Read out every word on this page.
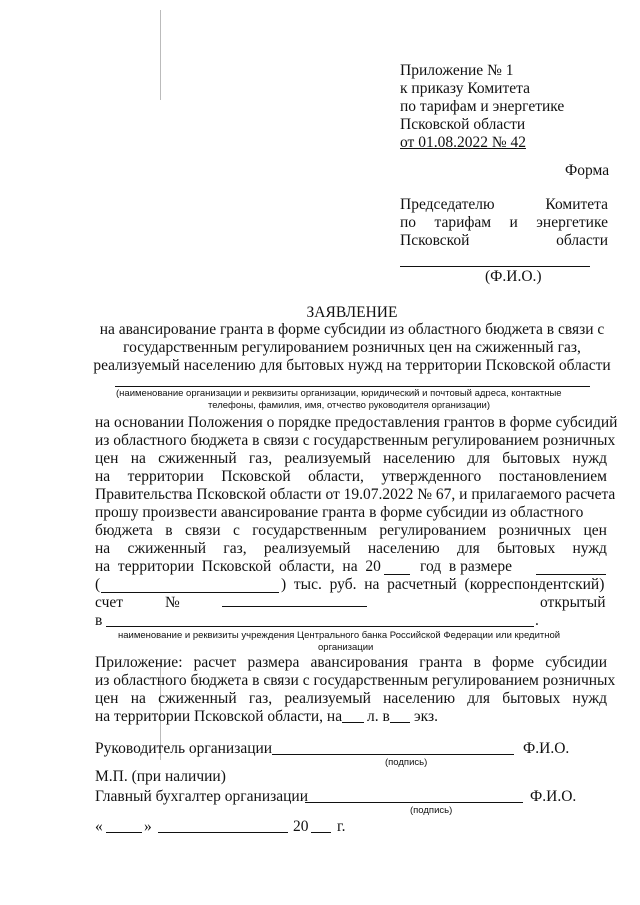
Приложение № 1
к приказу Комитета
по тарифам и энергетике
Псковской области
от 01.08.2022 № 42
Форма
Председателю	Комитета
по тарифам и энергетике
Псковской	области
(Ф.И.О.)
ЗАЯВЛЕНИЕ
на авансирование гранта в форме субсидии из областного бюджета в связи с
государственным регулированием розничных цен на сжиженный газ,
реализуемый населению для бытовых нужд на территории Псковской области
(наименование организации и реквизиты организации, юридический и почтовый адреса, контактные
телефоны, фамилия, имя, отчество руководителя организации)
на основании Положения о порядке предоставления грантов в форме субсидий
из областного бюджета в связи с государственным регулированием розничных
цен на сжиженный газ, реализуемый населению для бытовых нужд
на территории Псковской области, утвержденного постановлением
Правительства Псковской области от 19.07.2022 № 67, и прилагаемого расчета
прошу произвести авансирование гранта в форме субсидии из областного
бюджета в связи с государственным регулированием розничных цен
на сжиженный газ, реализуемый населению для бытовых нужд
на  территории  Псковской  области,  на  20	год  в размере
(	)  тыс.  руб.  на  расчетный  (корреспондентский)
счет	№	открытый
в	.
наименование и реквизиты учреждения Центрального банка Российской Федерации или кредитной
организации
Приложение: расчет размера авансирования гранта в форме субсидии
из областного бюджета в связи с государственным регулированием розничных
цен на сжиженный газ, реализуемый населению для бытовых нужд
на территории Псковской области, на л. в экз.
Руководитель организации	Ф.И.О.
(подпись)
М.П. (при наличии)
Главный бухгалтер организации	Ф.И.О.
(подпись)
«	»	20 г.
